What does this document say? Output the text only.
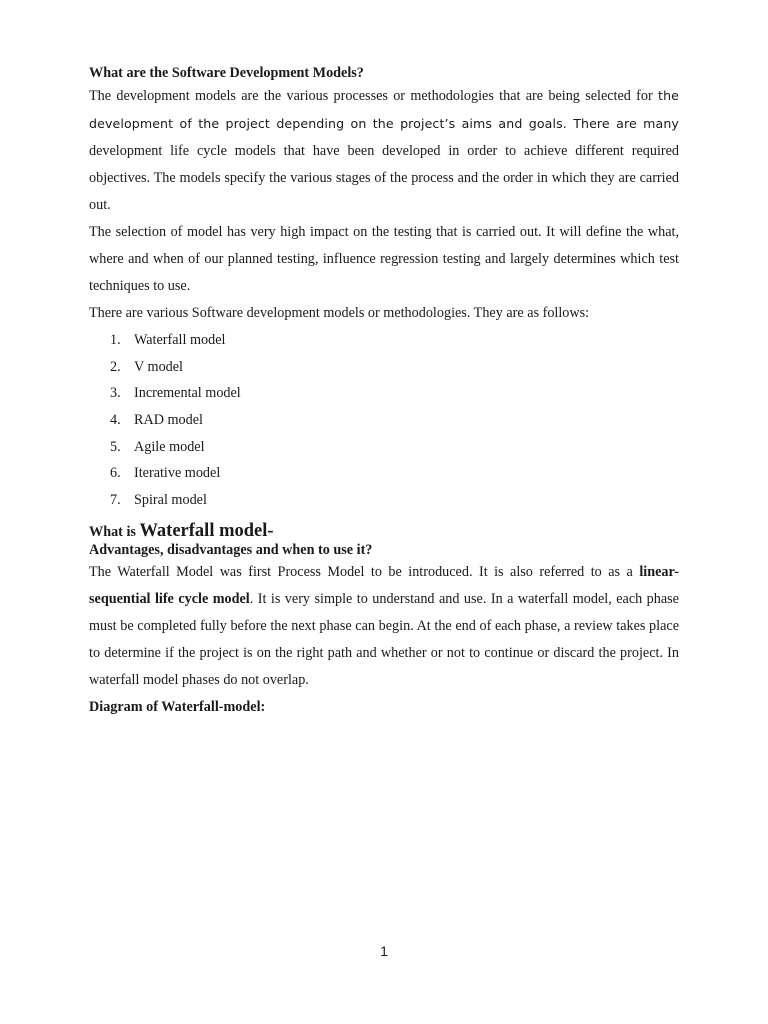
What are the Software Development Models?
The development models are the various processes or methodologies that are being selected for the development of the project depending on the project’s aims and goals. There are many development life cycle models that have been developed in order to achieve different required objectives. The models specify the various stages of the process and the order in which they are carried out.
The selection of model has very high impact on the testing that is carried out. It will define the what, where and when of our planned testing, influence regression testing and largely determines which test techniques to use.
There are various Software development models or methodologies. They are as follows:
1. Waterfall model
2. V model
3. Incremental model
4. RAD model
5. Agile model
6. Iterative model
7. Spiral model
What is Waterfall model-
Advantages, disadvantages and when to use it?
The Waterfall Model was first Process Model to be introduced. It is also referred to as a linear-sequential life cycle model. It is very simple to understand and use. In a waterfall model, each phase must be completed fully before the next phase can begin. At the end of each phase, a review takes place to determine if the project is on the right path and whether or not to continue or discard the project. In waterfall model phases do not overlap.
Diagram of Waterfall-model:
1
